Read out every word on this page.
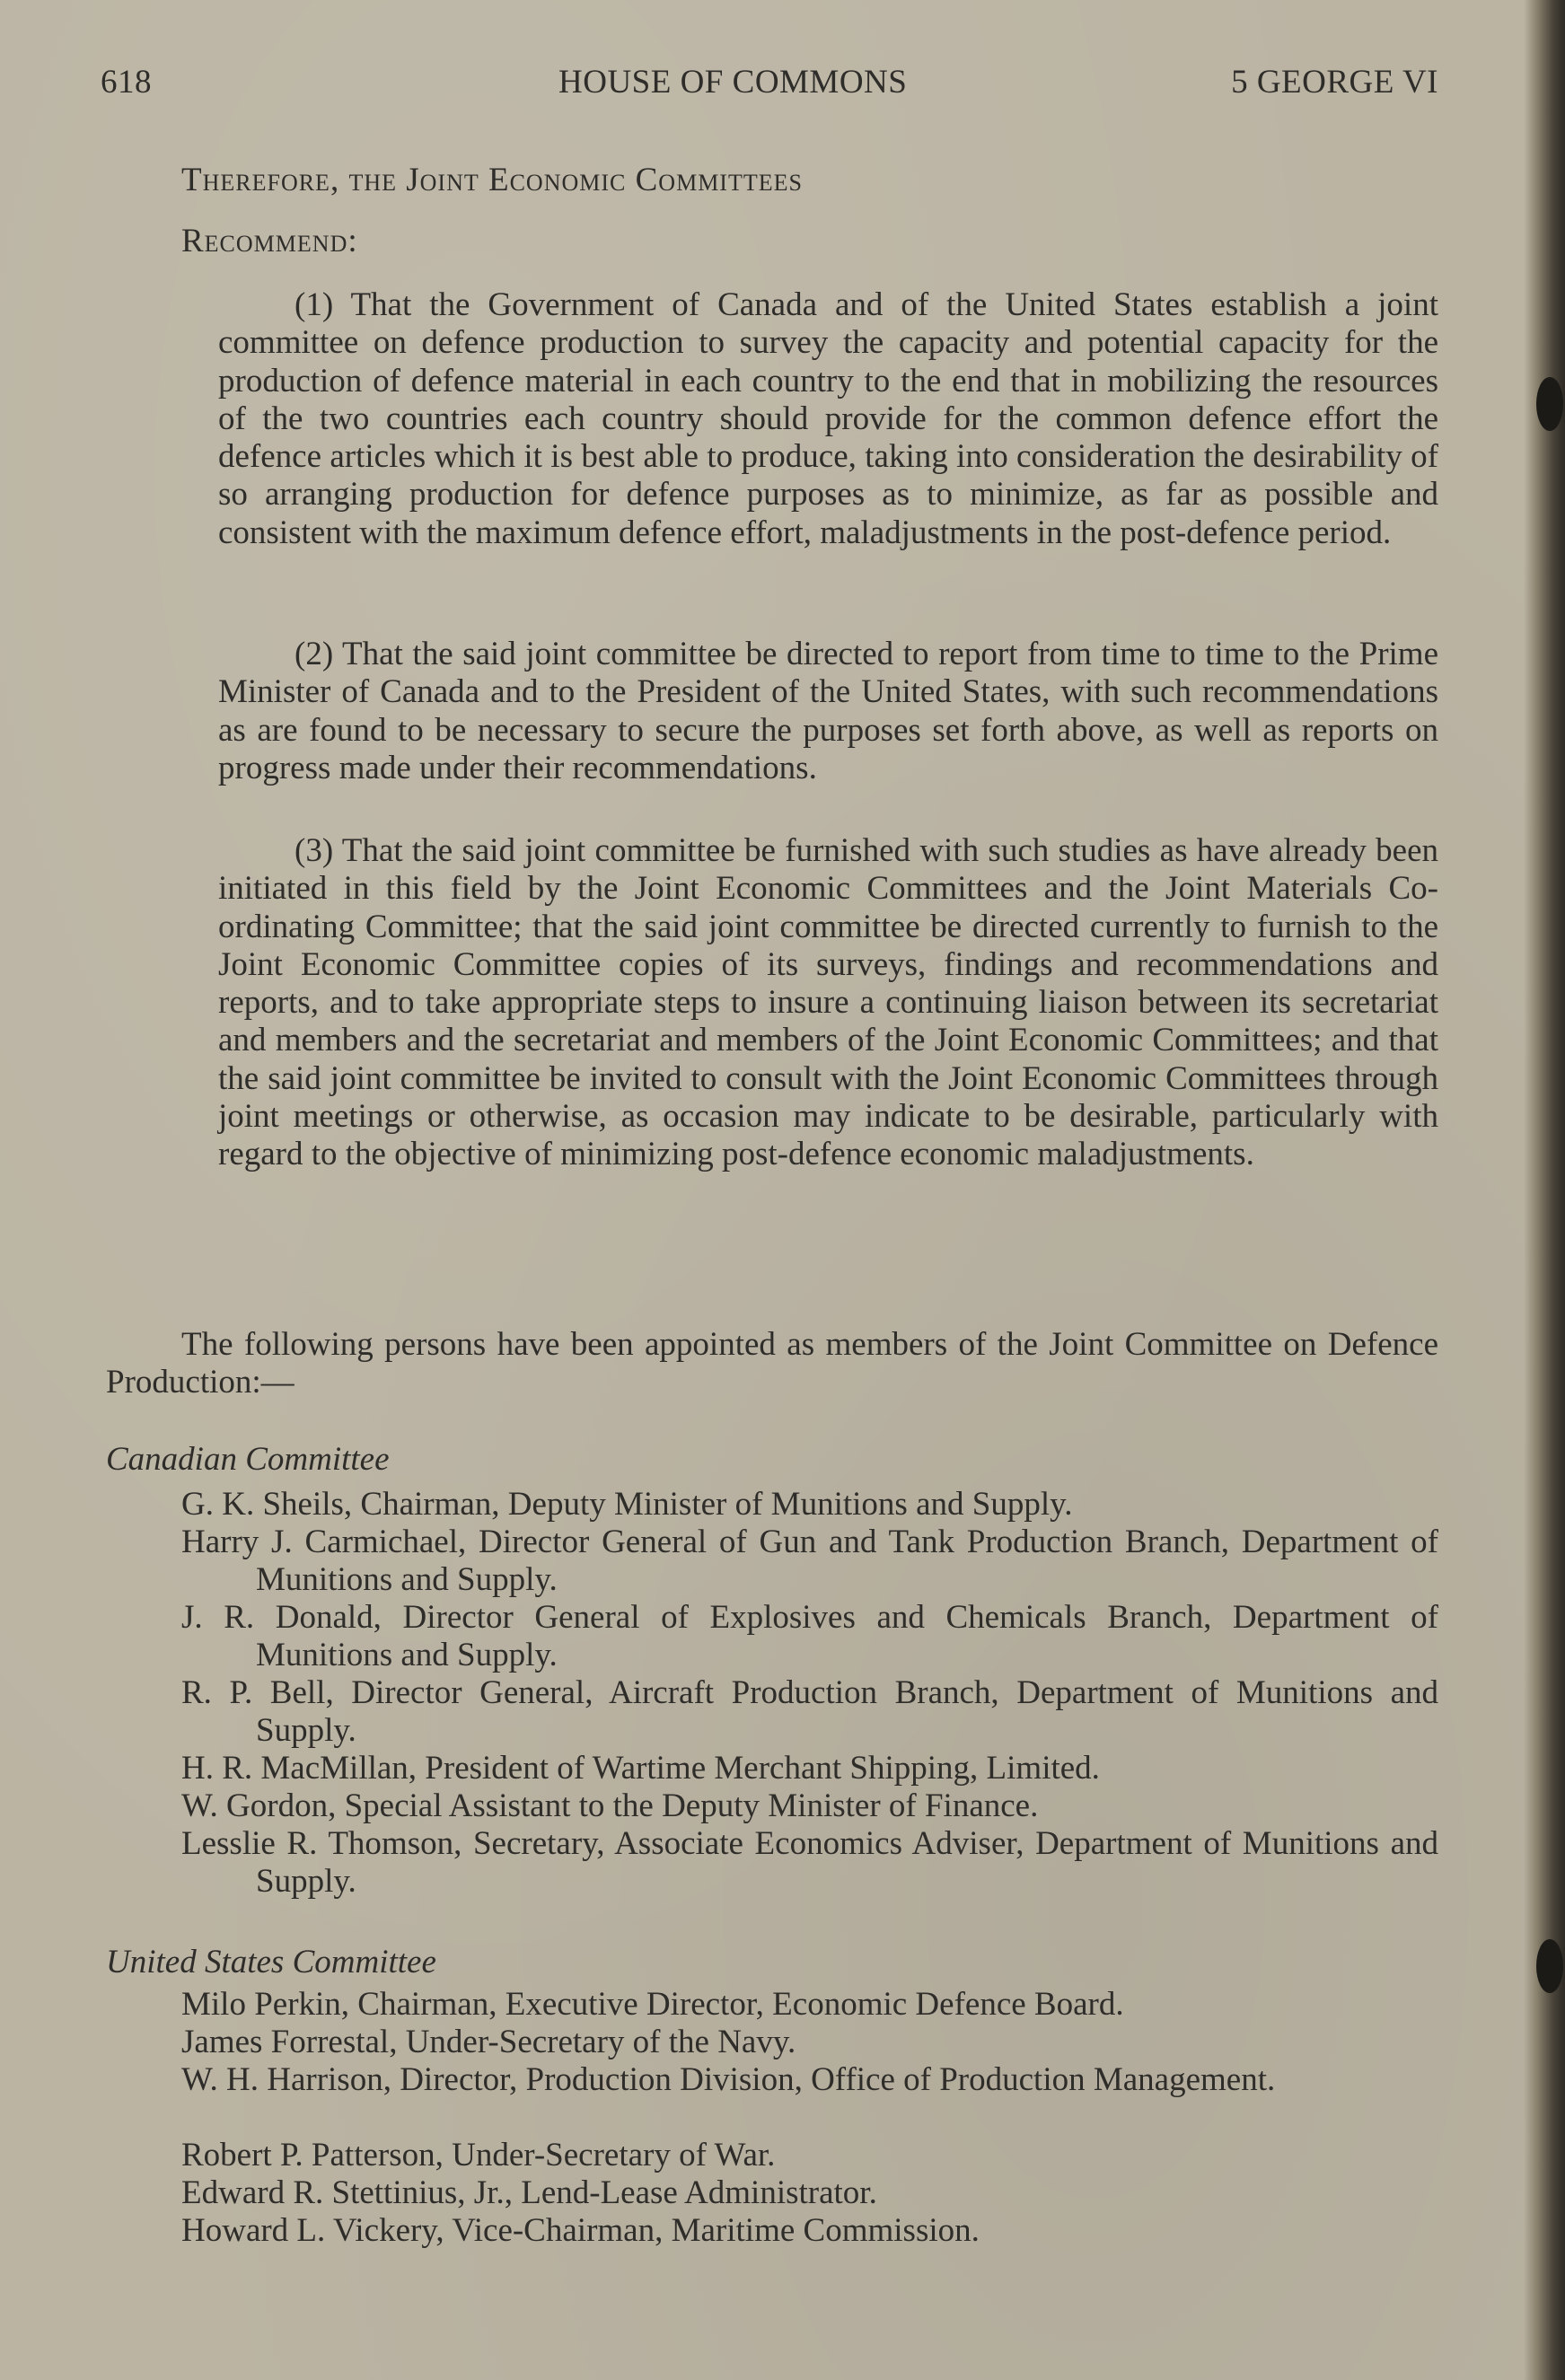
618	HOUSE OF COMMONS	5 GEORGE VI
Therefore, the Joint Economic Committees
Recommend:
(1) That the Government of Canada and of the United States establish a joint committee on defence production to survey the capacity and potential capacity for the production of defence material in each country to the end that in mobilizing the resources of the two countries each country should provide for the common defence effort the defence articles which it is best able to produce, taking into consideration the desirability of so arranging production for defence purposes as to minimize, as far as possible and consistent with the maximum defence effort, maladjustments in the post-defence period.
(2) That the said joint committee be directed to report from time to time to the Prime Minister of Canada and to the President of the United States, with such recommendations as are found to be necessary to secure the purposes set forth above, as well as reports on progress made under their recommendations.
(3) That the said joint committee be furnished with such studies as have already been initiated in this field by the Joint Economic Committees and the Joint Materials Co-ordinating Committee; that the said joint committee be directed currently to furnish to the Joint Economic Committee copies of its surveys, findings and recommendations and reports, and to take appropriate steps to insure a continuing liaison between its secretariat and members and the secretariat and members of the Joint Economic Committees; and that the said joint committee be invited to consult with the Joint Economic Committees through joint meetings or otherwise, as occasion may indicate to be desirable, particularly with regard to the objective of minimizing post-defence economic maladjustments.
The following persons have been appointed as members of the Joint Committee on Defence Production:—
Canadian Committee
G. K. Sheils, Chairman, Deputy Minister of Munitions and Supply.
Harry J. Carmichael, Director General of Gun and Tank Production Branch, Department of Munitions and Supply.
J. R. Donald, Director General of Explosives and Chemicals Branch, Department of Munitions and Supply.
R. P. Bell, Director General, Aircraft Production Branch, Department of Munitions and Supply.
H. R. MacMillan, President of Wartime Merchant Shipping, Limited.
W. Gordon, Special Assistant to the Deputy Minister of Finance.
Lesslie R. Thomson, Secretary, Associate Economics Adviser, Department of Munitions and Supply.
United States Committee
Milo Perkin, Chairman, Executive Director, Economic Defence Board.
James Forrestal, Under-Secretary of the Navy.
W. H. Harrison, Director, Production Division, Office of Production Management.
Robert P. Patterson, Under-Secretary of War.
Edward R. Stettinius, Jr., Lend-Lease Administrator.
Howard L. Vickery, Vice-Chairman, Maritime Commission.
